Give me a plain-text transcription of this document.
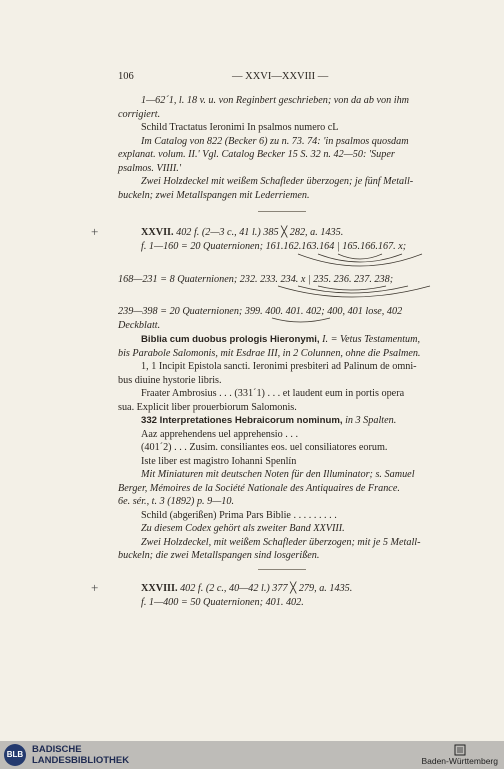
106	— XXVI—XXVIII —
1—62´1, l. 18 v. u. von Reginbert geschrieben; von da ab von ihm
corrigiert.
Schild Tractatus Ieronimi In psalmos numero cL
Im Catalog von 822 (Becker 6) zu n. 73. 74: 'in psalmos quosdam
explanat. volum. II.' Vgl. Catalog Becker 15 S. 32 n. 42—50: 'Super
psalmos. VIIII.'
Zwei Holzdeckel mit weißem Schafleder überzogen; je fünf Metall-
buckeln; zwei Metallspangen mit Lederriemen.
+	XXVII. 402 f. (2—3 c., 41 l.) 385 ╳ 282, a. 1435.
f. 1—160 = 20 Quaternionen; 161.162.163.164 | 165.166.167. x;
168—231 = 8 Quaternionen; 232. 233. 234. x | 235. 236. 237. 238;
239—398 = 20 Quaternionen; 399. 400. 401. 402; 400, 401 lose, 402
Deckblatt.
Biblia cum duobus prologis Hieronymi, I. = Vetus Testamentum,
bis Parabole Salomonis, mit Esdrae III, in 2 Colunnen, ohne die Psalmen.
1, 1 Incipit Epistola sancti. Ieronimi presbiteri ad Palinum de omni-
bus diuine hystorie libris.
Fraater Ambrosius . . . (331´1) . . . et laudent eum in portis opera
sua. Explicit liber prouerbiorum Salomonis.
332 Interpretationes Hebraicorum nominum, in 3 Spalten.
Aaz apprehendens uel apprehensio . . .
(401´2) . . . Zusim. consiliantes eos. uel consiliatores eorum.
Iste liber est magistro Iohanni Spenlín
Mit Miniaturen mit deutschen Noten für den Illuminator; s. Samuel
Berger, Mémoires de la Société Nationale des Antiquaires de France.
6e. sér., t. 3 (1892) p. 9—10.
Schild (abgerißen) Prima Pars Biblie . . . . . . . . .
Zu diesem Codex gehört als zweiter Band XXVIII.
Zwei Holzdeckel, mit weißem Schafleder überzogen; mit je 5 Metall-
buckeln; die zwei Metallspangen sind losgerißen.
+	XXVIII. 402 f. (2 c., 40—42 l.) 377 ╳ 279, a. 1435.
f. 1—400 = 50 Quaternionen; 401. 402.
BLB BADISCHE
LANDESBIBLIOTHEK	Baden-Württemberg
